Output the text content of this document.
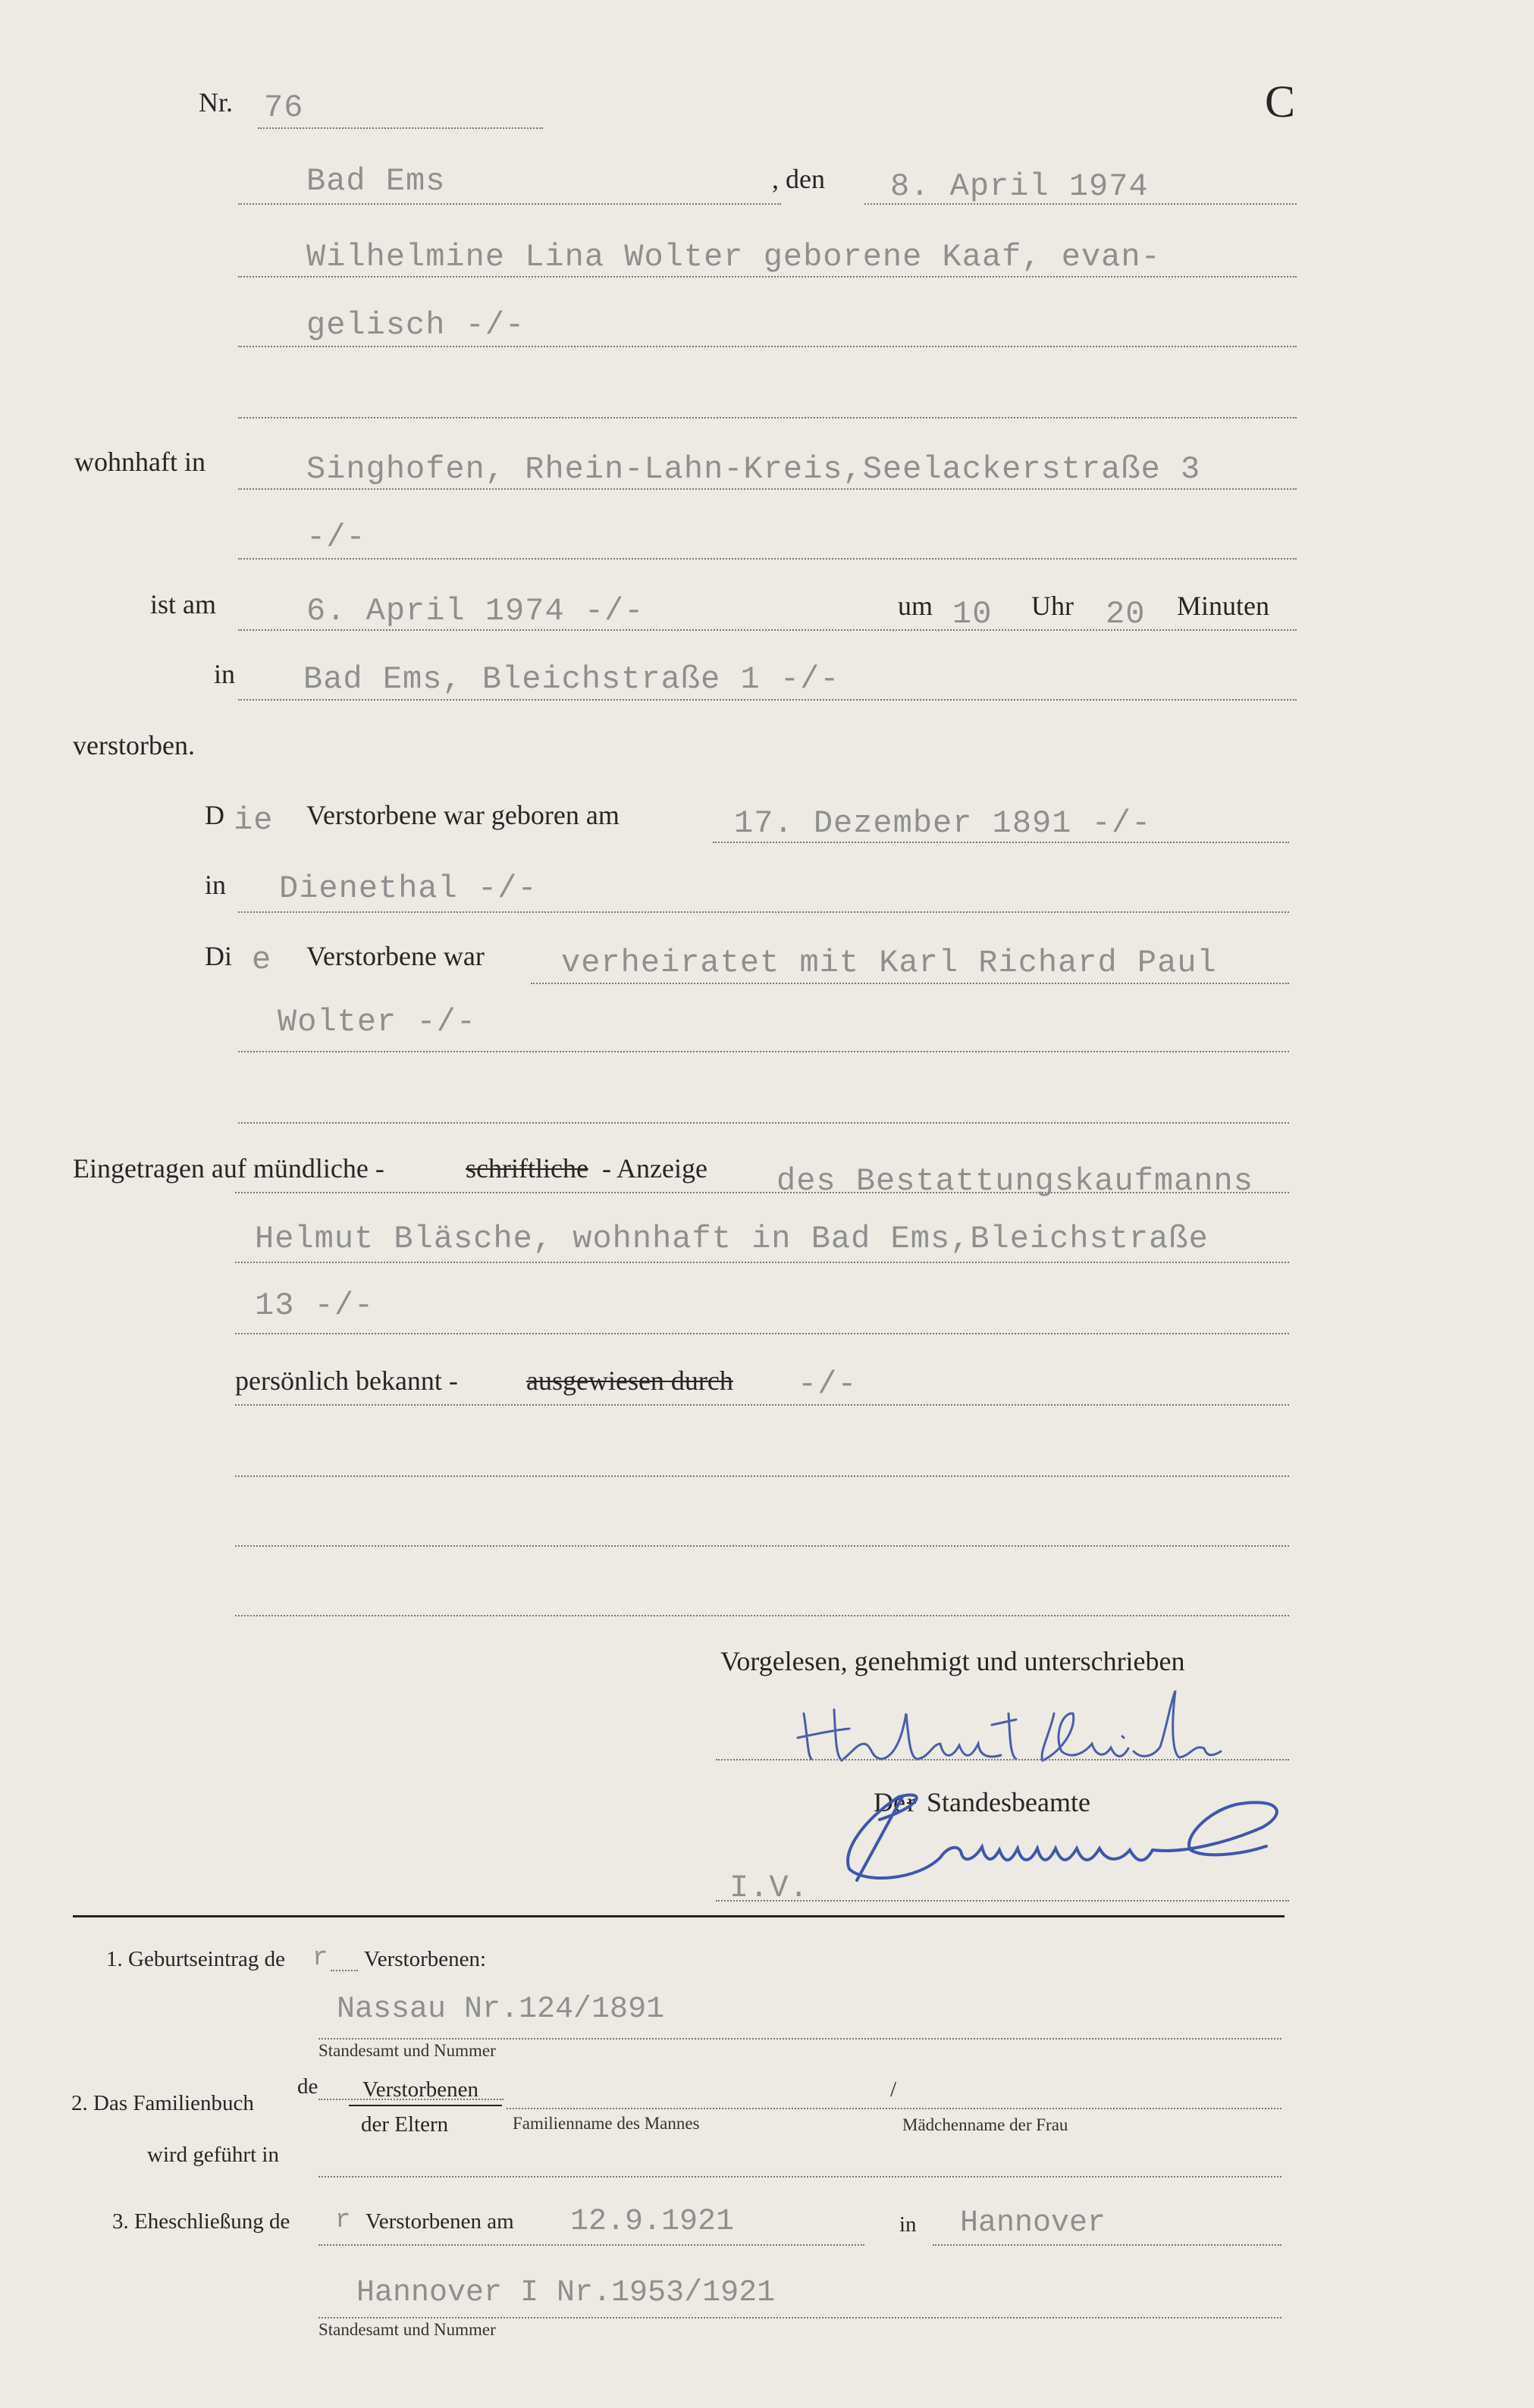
Nr. 76	C
Bad Ems	, den 8. April 1974
Wilhelmine Lina Wolter geborene Kaaf, evan-
gelisch -/-
wohnhaft in	Singhofen, Rhein-Lahn-Kreis,Seelackerstraße 3
-/-
ist am	6. April 1974 -/-	um 10 Uhr 20 Minuten
in Bad Ems, Bleichstraße 1 -/-
verstorben.
D ie Verstorbene war geboren am	17. Dezember 1891 -/-
in Dienethal -/-
Di e Verstorbene war verheiratet mit Karl Richard Paul
Wolter -/-
Eingetragen auf mündliche -	schriftliche - Anzeige des Bestattungskaufmanns
Helmut Bläsche, wohnhaft in Bad Ems,Bleichstraße
13 -/-
persönlich bekannt -	ausgewiesen durch -/-
Vorgelesen, genehmigt und unterschrieben
De r Standesbeamte
I.V.
1. Geburtseintrag de r Verstorbenen:
Nassau Nr.124/1891
Standesamt und Nummer
2. Das Familienbuch
wird geführt in
de Verstorbenen
der Eltern
/
Familienname des Mannes	Mädchenname der Frau
3. Eheschließung de r Verstorbenen am 12.9.1921	in Hannover
Hannover I Nr.1953/1921
Standesamt und Nummer
